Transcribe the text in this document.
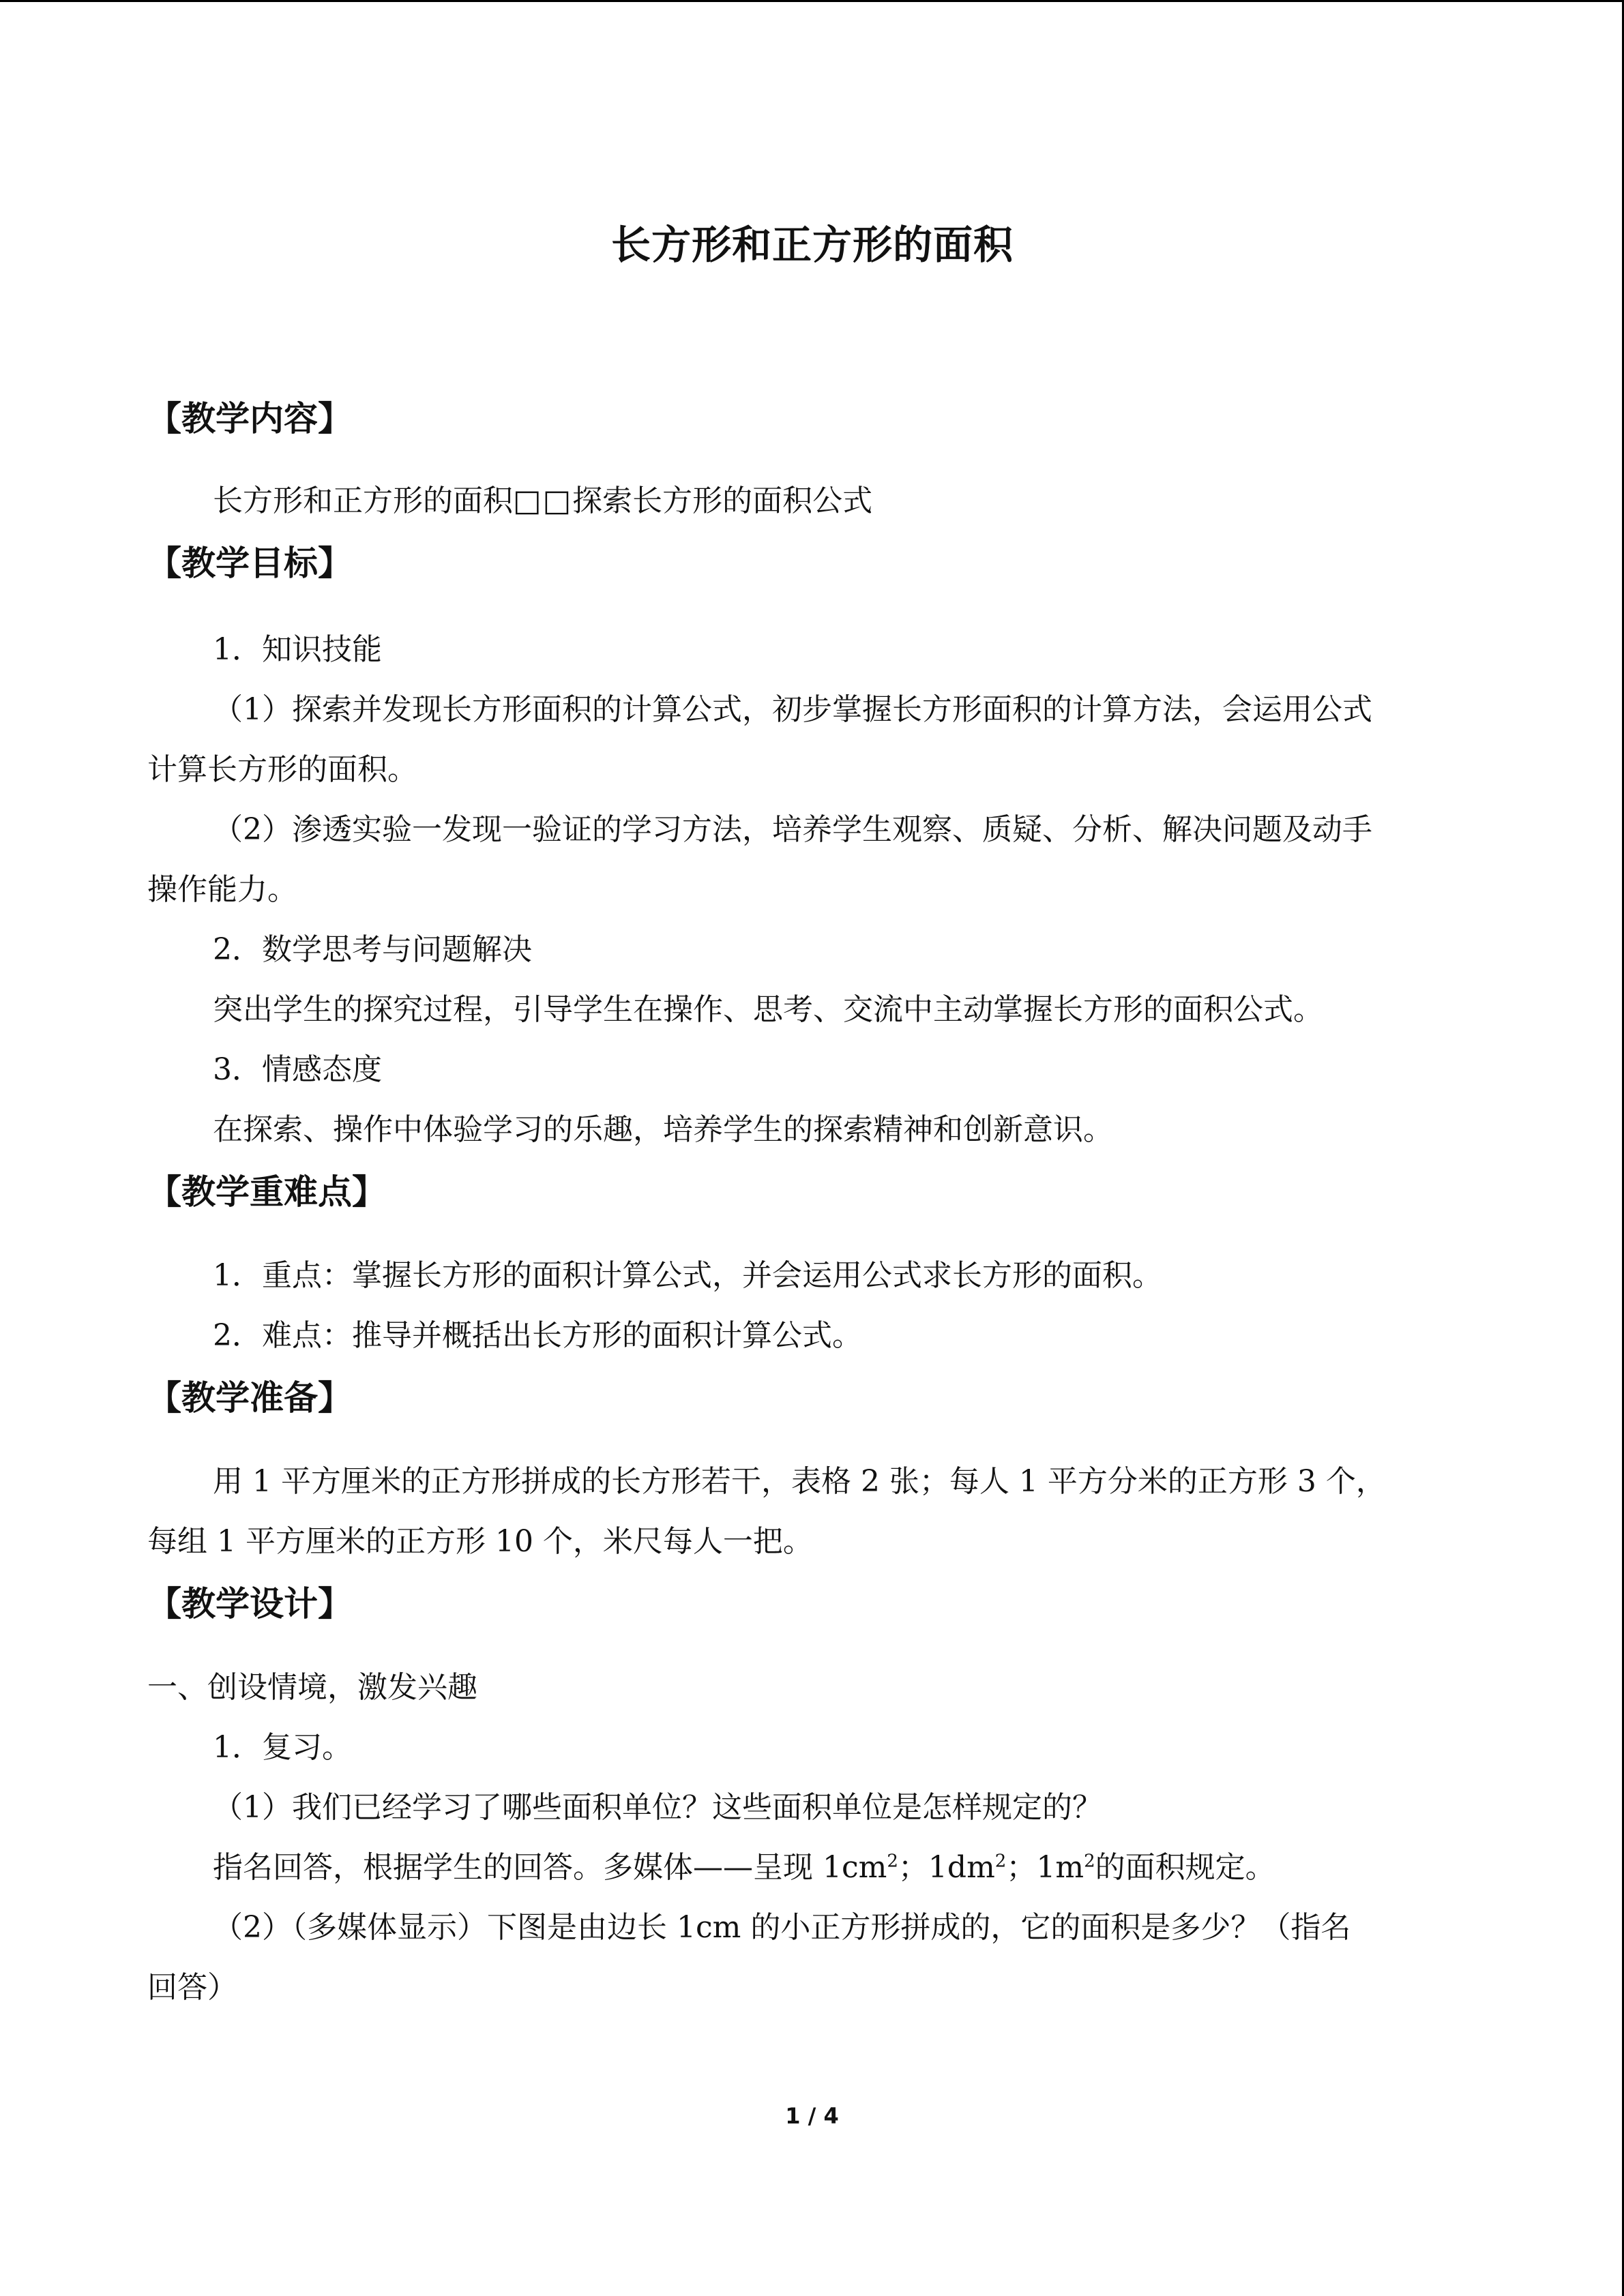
长方形和正方形的面积
【教学内容】
长方形和正方形的面积□□探索长方形的面积公式
【教学目标】
1．知识技能
（1）探索并发现长方形面积的计算公式，初步掌握长方形面积的计算方法，会运用公式
计算长方形的面积。
（2）渗透实验一发现一验证的学习方法，培养学生观察、质疑、分析、解决问题及动手
操作能力。
2．数学思考与问题解决
突出学生的探究过程，引导学生在操作、思考、交流中主动掌握长方形的面积公式。
3．情感态度
在探索、操作中体验学习的乐趣，培养学生的探索精神和创新意识。
【教学重难点】
1．重点：掌握长方形的面积计算公式，并会运用公式求长方形的面积。
2．难点：推导并概括出长方形的面积计算公式。
【教学准备】
用 1 平方厘米的正方形拼成的长方形若干，表格 2 张；每人 1 平方分米的正方形 3 个，
每组 1 平方厘米的正方形 10 个，米尺每人一把。
【教学设计】
一、创设情境，激发兴趣
1．复习。
（1）我们已经学习了哪些面积单位？这些面积单位是怎样规定的？
指名回答，根据学生的回答。多媒体——呈现 $1cm^2$；$1dm^2$；$1m^2$的面积规定。
（2）（多媒体显示）下图是由边长 1cm 的小正方形拼成的，它的面积是多少？（指名
回答）
1 / 4
